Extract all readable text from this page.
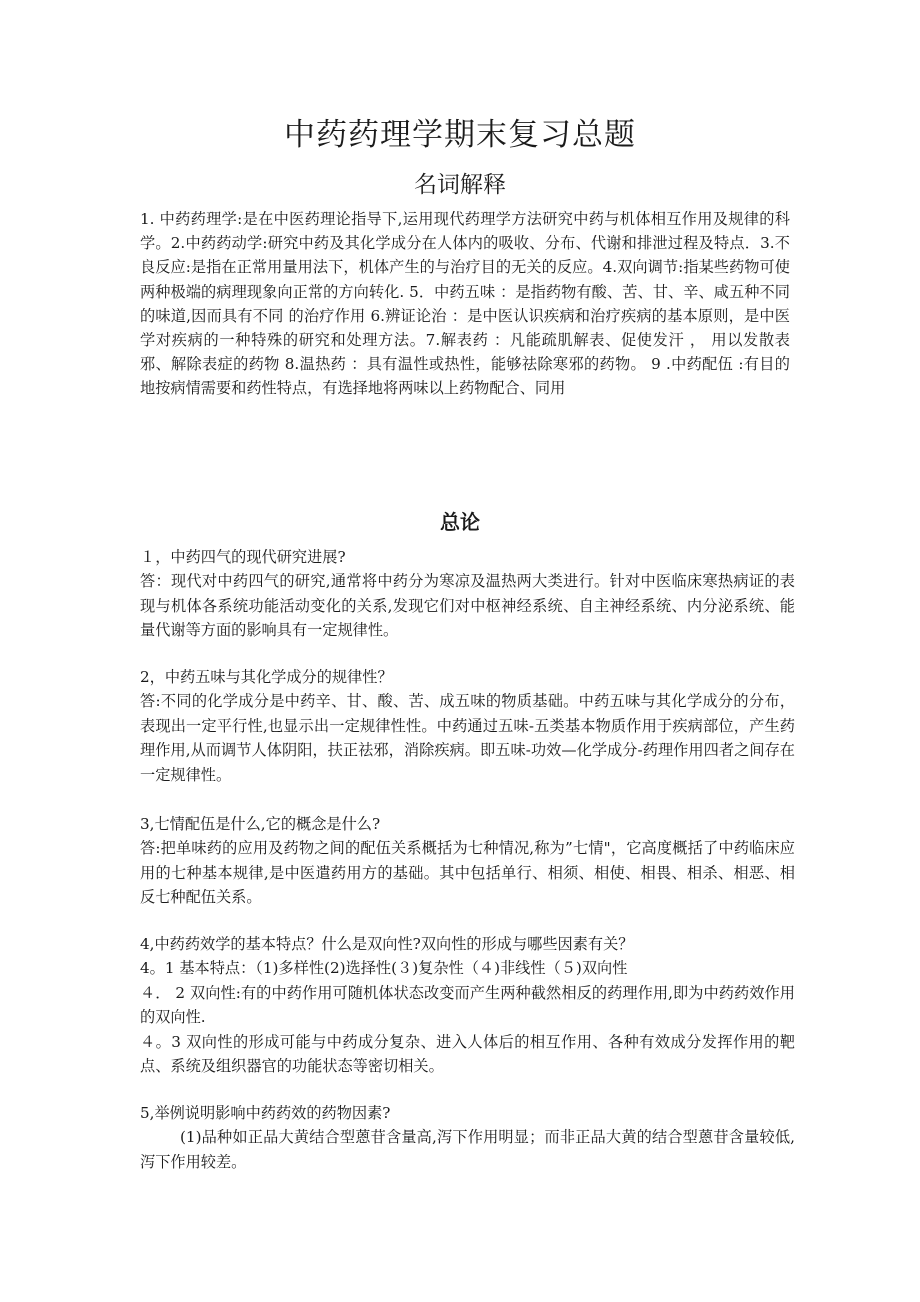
中药药理学期末复习总题
名词解释
1. 中药药理学:是在中医药理论指导下,运用现代药理学方法研究中药与机体相互作用及规律的科学。2.中药药动学:研究中药及其化学成分在人体内的吸收、分布、代谢和排泄过程及特点．3.不良反应:是指在正常用量用法下，机体产生的与治疗目的无关的反应。4.双向调节:指某些药物可使两种极端的病理现象向正常的方向转化. 5．中药五味 ：是指药物有酸、苦、甘、辛、咸五种不同的味道,因而具有不同 的治疗作用 6.辨证论治 ：是中医认识疾病和治疗疾病的基本原则，是中医学对疾病的一种特殊的研究和处理方法。7.解表药 ：凡能疏肌解表、促使发汗 ， 用以发散表邪、解除表症的药物 8.温热药 ：具有温性或热性，能够祛除寒邪的药物。 9 .中药配伍 :有目的地按病情需要和药性特点，有选择地将两味以上药物配合、同用
总论

１，中药四气的现代研究进展?

答：现代对中药四气的研究,通常将中药分为寒凉及温热两大类进行。针对中医临床寒热病证的表现与机体各系统功能活动变化的关系,发现它们对中枢神经系统、自主神经系统、内分泌系统、能量代谢等方面的影响具有一定规律性。

2，中药五味与其化学成分的规律性？

答:不同的化学成分是中药辛、甘、酸、苦、成五味的物质基础。中药五味与其化学成分的分布，表现出一定平行性,也显示出一定规律性性。中药通过五味-五类基本物质作用于疾病部位，产生药理作用,从而调节人体阴阳，扶正祛邪，消除疾病。即五味-功效—化学成分-药理作用四者之间存在一定规律性。

3,七情配伍是什么,它的概念是什么?

答:把单味药的应用及药物之间的配伍关系概括为七种情况,称为”七情"，它高度概括了中药临床应用的七种基本规律,是中医遣药用方的基础。其中包括单行、相须、相使、相畏、相杀、相恶、相反七种配伍关系。

4,中药药效学的基本特点？什么是双向性?双向性的形成与哪些因素有关？

4。1 基本特点：（1)多样性(2)选择性(３)复杂性（４)非线性（５)双向性

４． 2 双向性:有的中药作用可随机体状态改变而产生两种截然相反的药理作用,即为中药药效作用的双向性.

４。3 双向性的形成可能与中药成分复杂、进入人体后的相互作用、各种有效成分发挥作用的靶点、系统及组织器官的功能状态等密切相关。

5,举例说明影响中药药效的药物因素?

(1)品种如正品大黄结合型蒽苷含量高,泻下作用明显；而非正品大黄的结合型蒽苷含量较低,泻下作用较差。
